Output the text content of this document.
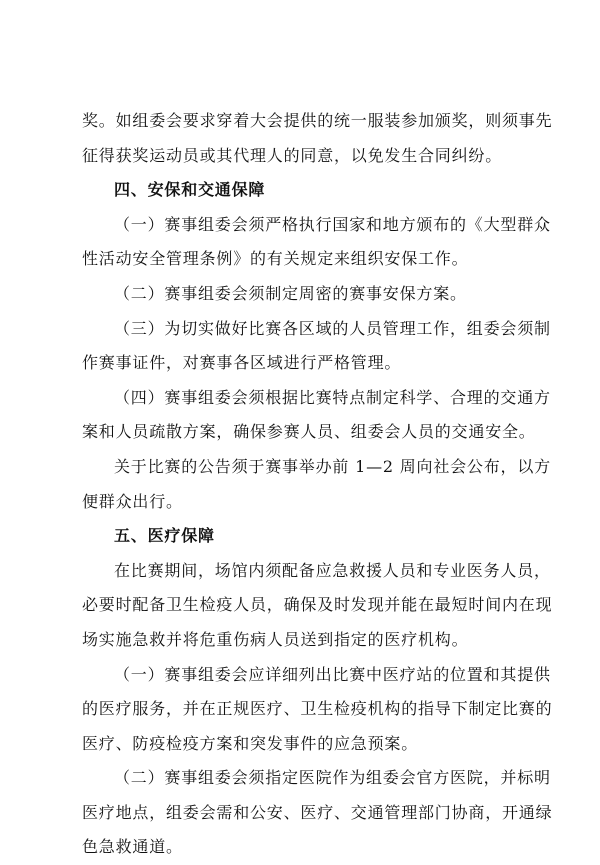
奖。如组委会要求穿着大会提供的统一服装参加颁奖，则须事先
征得获奖运动员或其代理人的同意，以免发生合同纠纷。

四、安保和交通保障

（一）赛事组委会须严格执行国家和地方颁布的《大型群众
性活动安全管理条例》的有关规定来组织安保工作。

（二）赛事组委会须制定周密的赛事安保方案。

（三）为切实做好比赛各区域的人员管理工作，组委会须制
作赛事证件，对赛事各区域进行严格管理。

（四）赛事组委会须根据比赛特点制定科学、合理的交通方
案和人员疏散方案，确保参赛人员、组委会人员的交通安全。

关于比赛的公告须于赛事举办前 1—2 周向社会公布，以方
便群众出行。

五、医疗保障

在比赛期间，场馆内须配备应急救援人员和专业医务人员，
必要时配备卫生检疫人员，确保及时发现并能在最短时间内在现
场实施急救并将危重伤病人员送到指定的医疗机构。

（一）赛事组委会应详细列出比赛中医疗站的位置和其提供
的医疗服务，并在正规医疗、卫生检疫机构的指导下制定比赛的
医疗、防疫检疫方案和突发事件的应急预案。

（二）赛事组委会须指定医院作为组委会官方医院，并标明
医疗地点，组委会需和公安、医疗、交通管理部门协商，开通绿
色急救通道。
